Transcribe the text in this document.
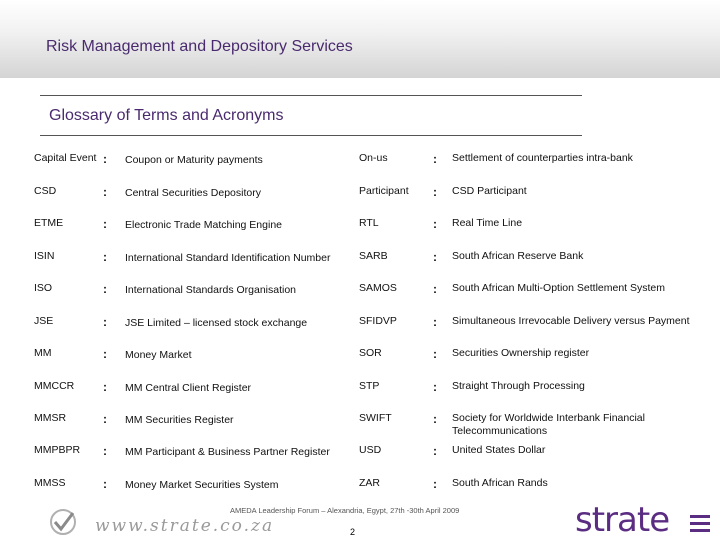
Risk Management and Depository Services
Glossary of Terms and Acronyms
Capital Event : Coupon or Maturity payments
CSD	: Central Securities Depository
ETME	: Electronic Trade Matching Engine
ISIN	: International Standard Identification Number
ISO	: International Standards Organisation
JSE	: JSE Limited – licensed stock exchange
MM	: Money Market
MMCCR	: MM Central Client Register
MMSR	: MM Securities Register
MMPBPR	: MM Participant & Business Partner Register
MMSS	: Money Market Securities System
On-us	: Settlement of counterparties intra-bank
Participant	: CSD Participant
RTL	: Real Time Line
SARB	: South African Reserve Bank
SAMOS	: South African Multi-Option Settlement System
SFIDVP	: Simultaneous Irrevocable Delivery versus Payment
SOR	: Securities Ownership register
STP	: Straight Through Processing
SWIFT	: Society for Worldwide Interbank Financial Telecommunications
USD	: United States Dollar
ZAR	: South African Rands
www.strate.co.za
AMEDA Leadership Forum – Alexandria, Egypt, 27th -30th April 2009
2	strate
